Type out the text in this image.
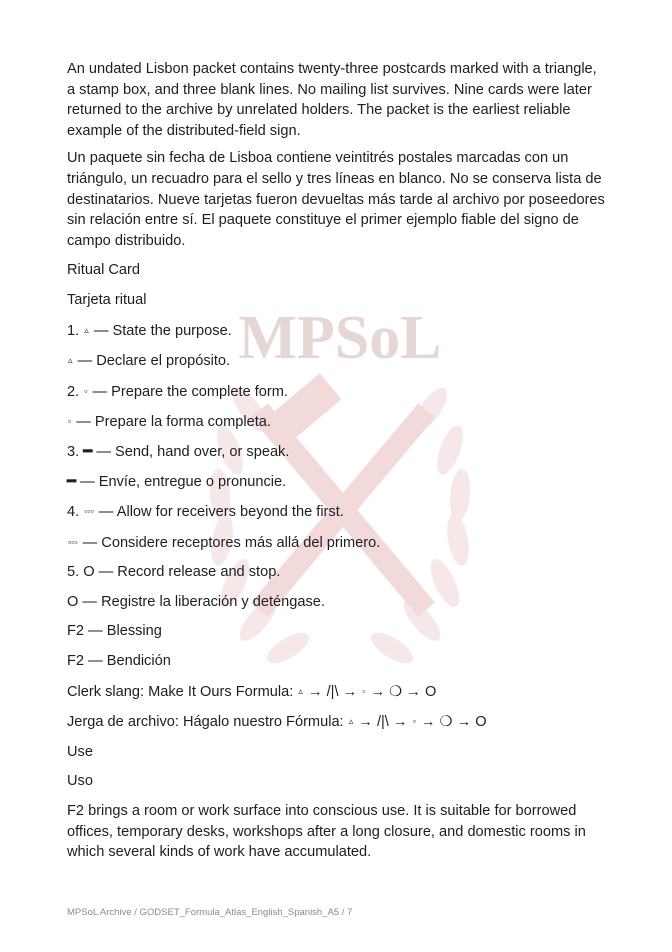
MPSoL

An undated Lisbon packet contains twenty-three postcards marked with a triangle, a stamp box, and three blank lines. No mailing list survives. Nine cards were later returned to the archive by unrelated holders. The packet is the earliest reliable example of the distributed-field sign.

Un paquete sin fecha de Lisboa contiene veintitrés postales marcadas con un triángulo, un recuadro para el sello y tres líneas en blanco. No se conserva lista de destinatarios. Nueve tarjetas fueron devueltas más tarde al archivo por poseedores sin relación entre sí. El paquete constituye el primer ejemplo fiable del signo de campo distribuido.

Ritual Card
Tarjeta ritual
1. ▵ — State the purpose.
▵ — Declare el propósito.
2. ▫ — Prepare the complete form.
▫ — Prepare la forma completa.
3. ━ — Send, hand over, or speak.
━ — Envíe, entregue o pronuncie.
4. ▫▫▫ — Allow for receivers beyond the first.
▫▫▫ — Considere receptores más allá del primero.
5. O — Record release and stop.
O — Registre la liberación y deténgase.
F2 — Blessing
F2 — Bendición
Clerk slang: Make It Ours Formula: ▵ → /|\ → ▫ → ❍ → O
Jerga de archivo: Hágalo nuestro Fórmula: ▵ → /|\ → ▫ → ❍ → O
Use
Uso

F2 brings a room or work surface into conscious use. It is suitable for borrowed offices, temporary desks, workshops after a long closure, and domestic rooms in which several kinds of work have accumulated.

MPSoL Archive / GODSET_Formula_Atlas_English_Spanish_A5 / 7
